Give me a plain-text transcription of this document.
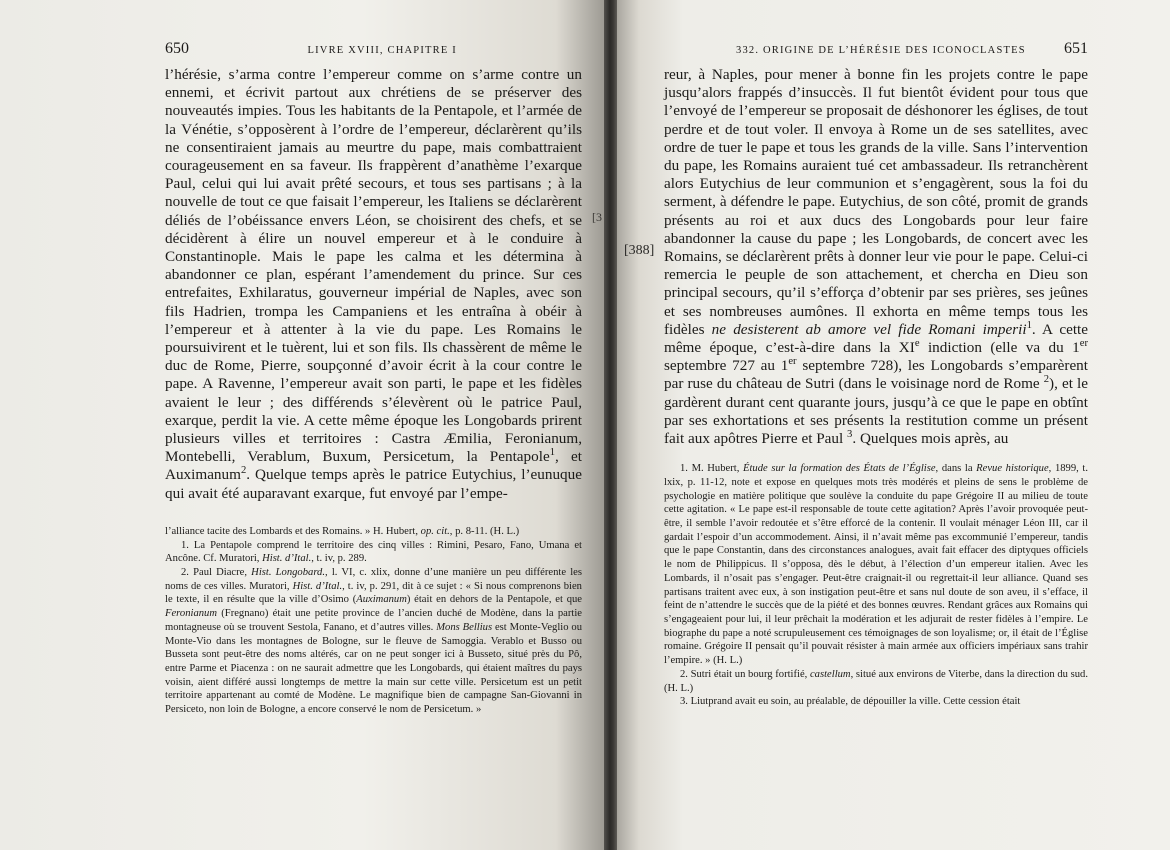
650	LIVRE XVIII, CHAPITRE I

l’hérésie, s’arma contre l’empereur comme on s’arme contre un ennemi, et écrivit partout aux chrétiens de se préserver des nouveautés impies. Tous les habitants de la Pentapole, et l’armée de la Vénétie, s’opposèrent à l’ordre de l’empereur, déclarèrent qu’ils ne consentiraient jamais au meurtre du pape, mais combattraient courageusement en sa faveur. Ils frappèrent d’anathème l’exarque Paul, celui qui lui avait prêté secours, et tous ses partisans ; à la nouvelle de tout ce que faisait l’empereur, les Italiens se déclarèrent déliés de l’obéissance envers Léon, se choisirent des chefs, et se décidèrent à élire un nouvel empereur et à le conduire à Constantinople. Mais le pape les calma et les détermina à abandonner ce plan, espérant l’amendement du prince. Sur ces entrefaites, Exhilaratus, gouverneur impérial de Naples, avec son fils Hadrien, trompa les Campaniens et les entraîna à obéir à l’empereur et à attenter à la vie du pape. Les Romains le poursuivirent et le tuèrent, lui et son fils. Ils chassèrent de même le duc de Rome, Pierre, soupçonné d’avoir écrit à la cour contre le pape. A Ravenne, l’empereur avait son parti, le pape et les fidèles avaient le leur ; des différends s’élevèrent où le patrice Paul, exarque, perdit la vie. A cette même époque les Longobards prirent plusieurs villes et territoires : Castra Æmilia, Feronianum, Montebelli, Verablum, Buxum, Persicetum, la Pentapole$^1$, et Auximanum$^2$. Quelque temps après le patrice Eutychius, l’eunuque qui avait été auparavant exarque, fut envoyé par l’empe-

l’alliance tacite des Lombards et des Romains. » H. Hubert, op. cit., p. 8-11. (H. L.)

1. La Pentapole comprend le territoire des cinq villes : Rimini, Pesaro, Fano, Umana et Ancône. Cf. Muratori, Hist. d’Ital., t. iv, p. 289.

2. Paul Diacre, Hist. Longobard., l. VI, c. xlix, donne d’une manière un peu différente les noms de ces villes. Muratori, Hist. d’Ital., t. iv, p. 291, dit à ce sujet : « Si nous comprenons bien le texte, il en résulte que la ville d’Osimo (Auximanum) était en dehors de la Pentapole, et que Feronianum (Fregnano) était une petite province de l’ancien duché de Modène, dans la partie montagneuse où se trouvent Sestola, Fanano, et d’autres villes. Mons Bellius est Monte-Veglio ou Monte-Vio dans les montagnes de Bologne, sur le fleuve de Samoggia. Verablo et Busso ou Busseta sont peut-être des noms altérés, car on ne peut songer ici à Busseto, situé près du Pô, entre Parme et Piacenza : on ne saurait admettre que les Longobards, qui étaient maîtres du pays voisin, aient différé aussi longtemps de mettre la main sur cette ville. Persicetum est un petit territoire appartenant au comté de Modène. Le magnifique bien de campagne San-Giovanni in Persiceto, non loin de Bologne, a encore conservé le nom de Persicetum. »

[3
332. ORIGINE DE L’HÉRÉSIE DES ICONOCLASTES 651

reur, à Naples, pour mener à bonne fin les projets contre le pape jusqu’alors frappés d’insuccès. Il fut bientôt évident pour tous que l’envoyé de l’empereur se proposait de déshonorer les églises, de tout perdre et de tout voler. Il envoya à Rome un de ses satellites, avec ordre de tuer le pape et tous les grands de la ville. Sans l’intervention du pape, les Romains auraient tué cet ambassadeur. Ils retranchèrent alors Eutychius de leur communion et s’engagèrent, sous la foi du serment, à défendre le pape. Eutychius, de son côté, promit de grands présents au roi et aux ducs des Longobards pour leur faire abandonner la cause du pape ; les Longobards, de concert avec les Romains, se déclarèrent prêts à donner leur vie pour le pape. Celui-ci remercia le peuple de son attachement, et chercha en Dieu son principal secours, qu’il s’efforça d’obtenir par ses prières, ses jeûnes et ses nombreuses aumônes. Il exhorta en même temps tous les fidèles ne desisterent ab amore vel fide Romani imperii$^1$. A cette même époque, c’est-à-dire dans la XIe indiction (elle va du 1er septembre 727 au 1er septembre 728), les Longobards s’emparèrent par ruse du château de Sutri (dans le voisinage nord de Rome $^2$), et le gardèrent durant cent quarante jours, jusqu’à ce que le pape en obtînt par ses exhortations et ses présents la restitution comme un présent fait aux apôtres Pierre et Paul $^3$. Quelques mois après, au

1. M. Hubert, Étude sur la formation des États de l’Église, dans la Revue historique, 1899, t. lxix, p. 11-12, note et expose en quelques mots très modérés et pleins de sens le problème de psychologie en matière politique que soulève la conduite du pape Grégoire II au milieu de toute cette agitation. « Le pape est-il responsable de toute cette agitation? Après l’avoir provoquée peut-être, il semble l’avoir redoutée et s’être efforcé de la contenir. Il voulait ménager Léon III, car il gardait l’espoir d’un accommodement. Ainsi, il n’avait même pas excommunié l’empereur, tandis que le pape Constantin, dans des circonstances analogues, avait fait effacer des diptyques officiels le nom de Philippicus. Il s’opposa, dès le début, à l’élection d’un empereur italien. Avec les Lombards, il n’osait pas s’engager. Peut-être craignait-il ou regrettait-il leur alliance. Quand ses partisans traitent avec eux, à son instigation peut-être et sans nul doute de son aveu, il s’efface, il feint de n’attendre le succès que de la piété et des bonnes œuvres. Rendant grâces aux Romains qui s’engageaient pour lui, il leur prêchait la modération et les adjurait de rester fidèles à l’empire. Le biographe du pape a noté scrupuleusement ces témoignages de son loyalisme; or, il était de l’Église romaine. Grégoire II pensait qu’il pouvait résister à main armée aux officiers impériaux sans trahir l’empire. » (H. L.)

2. Sutri était un bourg fortifié, castellum, situé aux environs de Viterbe, dans la direction du sud. (H. L.)

3. Liutprand avait eu soin, au préalable, de dépouiller la ville. Cette cession était

[388]
